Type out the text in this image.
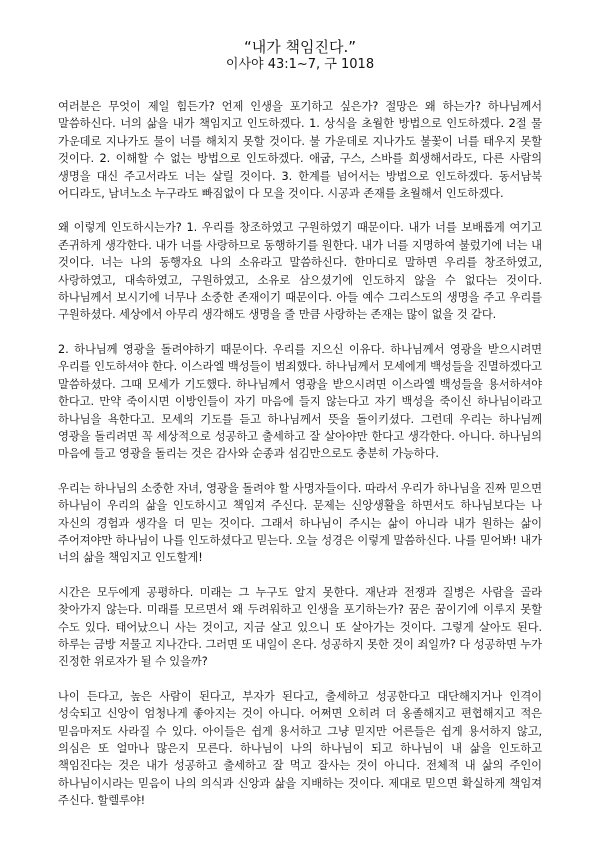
“내가 책임진다.”

이사야 43:1~7, 구 1018

여러분은 무엇이 제일 힘든가? 언제 인생을 포기하고 싶은가? 절망은 왜 하는가? 하나님께서 말씀하신다. 너의 삶을 내가 책임지고 인도하겠다. 1. 상식을 초월한 방법으로 인도하겠다. 2절 물 가운데로 지나가도 물이 너를 해치지 못할 것이다. 불 가운데로 지나가도 불꽃이 너를 태우지 못할 것이다. 2. 이해할 수 없는 방법으로 인도하겠다. 애굽, 구스, 스바를 희생해서라도, 다른 사람의 생명을 대신 주고서라도 너는 살릴 것이다. 3. 한계를 넘어서는 방법으로 인도하겠다. 동서남북 어디라도, 남녀노소 누구라도 빠짐없이 다 모을 것이다. 시공과 존재를 초월해서 인도하겠다.

왜 이렇게 인도하시는가? 1. 우리를 창조하였고 구원하였기 때문이다. 내가 너를 보배롭게 여기고 존귀하게 생각한다. 내가 너를 사랑하므로 동행하기를 원한다. 내가 너를 지명하여 불렀기에 너는 내 것이다. 너는 나의 동행자요 나의 소유라고 말씀하신다. 한마디로 말하면 우리를 창조하였고, 사랑하였고, 대속하였고, 구원하였고, 소유로 삼으셨기에 인도하지 않을 수 없다는 것이다. 하나님께서 보시기에 너무나 소중한 존재이기 때문이다. 아들 예수 그리스도의 생명을 주고 우리를 구원하셨다. 세상에서 아무리 생각해도 생명을 줄 만큼 사랑하는 존재는 많이 없을 것 같다.

2. 하나님께 영광을 돌려야하기 때문이다. 우리를 지으신 이유다. 하나님께서 영광을 받으시려면 우리를 인도하셔야 한다. 이스라엘 백성들이 범죄했다. 하나님께서 모세에게 백성들을 진멸하겠다고 말씀하셨다. 그때 모세가 기도했다. 하나님께서 영광을 받으시려면 이스라엘 백성들을 용서하셔야 한다고. 만약 죽이시면 이방인들이 자기 마음에 들지 않는다고 자기 백성을 죽이신 하나님이라고 하나님을 욕한다고. 모세의 기도를 듣고 하나님께서 뜻을 돌이키셨다. 그런데 우리는 하나님께 영광을 돌리려면 꼭 세상적으로 성공하고 출세하고 잘 살아야만 한다고 생각한다. 아니다. 하나님의 마음에 들고 영광을 돌리는 것은 감사와 순종과 섬김만으로도 충분히 가능하다.

우리는 하나님의 소중한 자녀, 영광을 돌려야 할 사명자들이다. 따라서 우리가 하나님을 진짜 믿으면 하나님이 우리의 삶을 인도하시고 책임져 주신다. 문제는 신앙생활을 하면서도 하나님보다는 나 자신의 경험과 생각을 더 믿는 것이다. 그래서 하나님이 주시는 삶이 아니라 내가 원하는 삶이 주어져야만 하나님이 나를 인도하셨다고 믿는다. 오늘 성경은 이렇게 말씀하신다. 나를 믿어봐! 내가 너의 삶을 책임지고 인도할게!

시간은 모두에게 공평하다. 미래는 그 누구도 알지 못한다. 재난과 전쟁과 질병은 사람을 골라 찾아가지 않는다. 미래를 모르면서 왜 두려워하고 인생을 포기하는가? 꿈은 꿈이기에 이루지 못할 수도 있다. 태어났으니 사는 것이고, 지금 살고 있으니 또 살아가는 것이다. 그렇게 살아도 된다. 하루는 금방 저물고 지나간다. 그러면 또 내일이 온다. 성공하지 못한 것이 죄일까? 다 성공하면 누가 진정한 위로자가 될 수 있을까?

나이 든다고, 높은 사람이 된다고, 부자가 된다고, 출세하고 성공한다고 대단해지거나 인격이 성숙되고 신앙이 엄청나게 좋아지는 것이 아니다. 어쩌면 오히려 더 옹졸해지고 편협해지고 적은 믿음마저도 사라질 수 있다. 아이들은 쉽게 용서하고 그냥 믿지만 어른들은 쉽게 용서하지 않고, 의심은 또 얼마나 많은지 모른다. 하나님이 나의 하나님이 되고 하나님이 내 삶을 인도하고 책임진다는 것은 내가 성공하고 출세하고 잘 먹고 잘사는 것이 아니다. 전체적 내 삶의 주인이 하나님이시라는 믿음이 나의 의식과 신앙과 삶을 지배하는 것이다. 제대로 믿으면 확실하게 책임져 주신다. 할렐루야!
